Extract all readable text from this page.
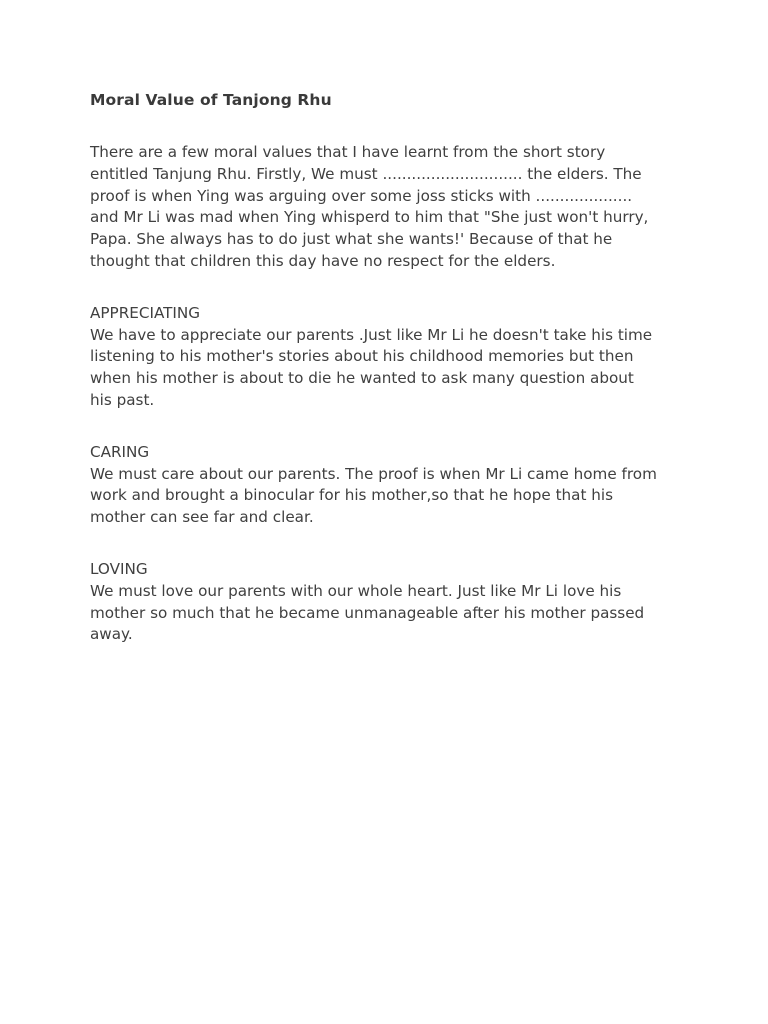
Moral Value of Tanjong Rhu
There are a few moral values that I have learnt from the short story
entitled Tanjung Rhu. Firstly, We must ............................. the elders. The
proof is when Ying was arguing over some joss sticks with ....................
and Mr Li was mad when Ying whisperd to him that "She just won't hurry,
Papa. She always has to do just what she wants!' Because of that he
thought that children this day have no respect for the elders.
APPRECIATING
We have to appreciate our parents .Just like Mr Li he doesn't take his time
listening to his mother's stories about his childhood memories but then
when his mother is about to die he wanted to ask many question about
his past.
CARING
We must care about our parents. The proof is when Mr Li came home from
work and brought a binocular for his mother,so that he hope that his
mother can see far and clear.
LOVING
We must love our parents with our whole heart. Just like Mr Li love his
mother so much that he became unmanageable after his mother passed
away.
